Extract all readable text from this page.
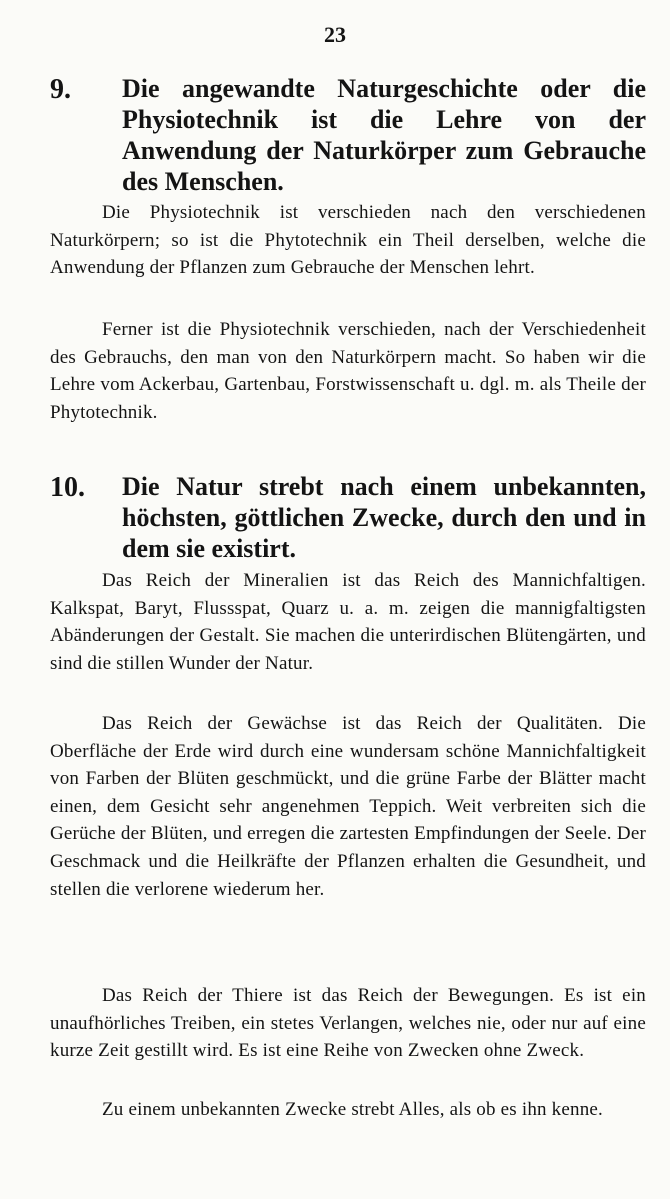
23
9. Die angewandte Naturgeschichte oder die Physiotechnik ist die Lehre von der Anwendung der Naturkörper zum Gebrauche des Menschen.

Die Physiotechnik ist verschieden nach den verschiedenen Naturkörpern; so ist die Phytotechnik ein Theil derselben, welche die Anwendung der Pflanzen zum Gebrauche der Menschen lehrt.

Ferner ist die Physiotechnik verschieden, nach der Verschiedenheit des Gebrauchs, den man von den Naturkörpern macht. So haben wir die Lehre vom Ackerbau, Gartenbau, Forstwissenschaft u. dgl. m. als Theile der Phytotechnik.

10. Die Natur strebt nach einem unbekannten, höchsten, göttlichen Zwecke, durch den und in dem sie existirt.

Das Reich der Mineralien ist das Reich des Mannichfaltigen. Kalkspat, Baryt, Flussspat, Quarz u. a. m. zeigen die mannigfaltigsten Abänderungen der Gestalt. Sie machen die unterirdischen Blütengärten, und sind die stillen Wunder der Natur.

Das Reich der Gewächse ist das Reich der Qualitäten. Die Oberfläche der Erde wird durch eine wundersam schöne Mannichfaltigkeit von Farben der Blüten geschmückt, und die grüne Farbe der Blätter macht einen, dem Gesicht sehr angenehmen Teppich. Weit verbreiten sich die Gerüche der Blüten, und erregen die zartesten Empfindungen der Seele. Der Geschmack und die Heilkräfte der Pflanzen erhalten die Gesundheit, und stellen die verlorene wiederum her.

Das Reich der Thiere ist das Reich der Bewegungen. Es ist ein unaufhörliches Treiben, ein stetes Verlangen, welches nie, oder nur auf eine kurze Zeit gestillt wird. Es ist eine Reihe von Zwecken ohne Zweck.

Zu einem unbekannten Zwecke strebt Alles, als ob es ihn kenne.
